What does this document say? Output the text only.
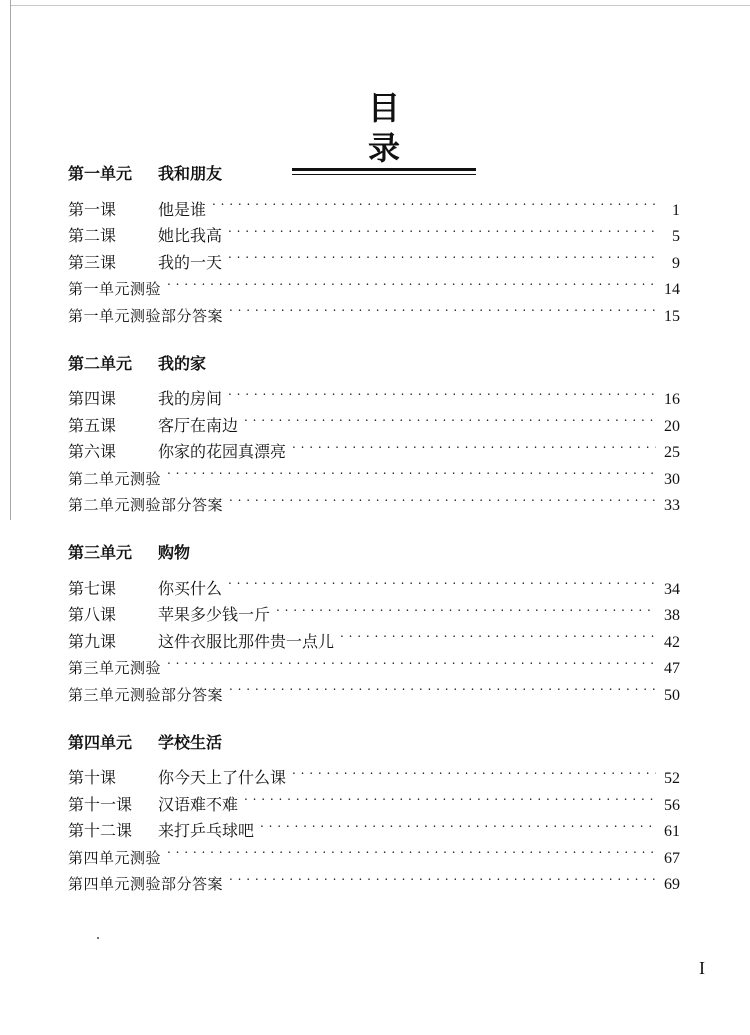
目 录
第一单元	我和朋友
第一课	他是谁 . . .	1
第二课	她比我高 . . .	5
第三课	我的一天 . . .	9
第一单元测验 . . .	14
第一单元测验部分答案 . . .	15
第二单元	我的家
第四课	我的房间 . . .	16
第五课	客厅在南边 . . .	20
第六课	你家的花园真漂亮 . . .	25
第二单元测验 . . .	30
第二单元测验部分答案 . . .	33
第三单元	购物
第七课	你买什么 . . .	34
第八课	苹果多少钱一斤 . . .	38
第九课	这件衣服比那件贵一点儿 . . .	42
第三单元测验 . . .	47
第三单元测验部分答案 . . .	50
第四单元	学校生活
第十课	你今天上了什么课 . . .	52
第十一课	汉语难不难 . . .	56
第十二课	来打乒乓球吧 . . .	61
第四单元测验 . . .	67
第四单元测验部分答案 . . .	69
I
